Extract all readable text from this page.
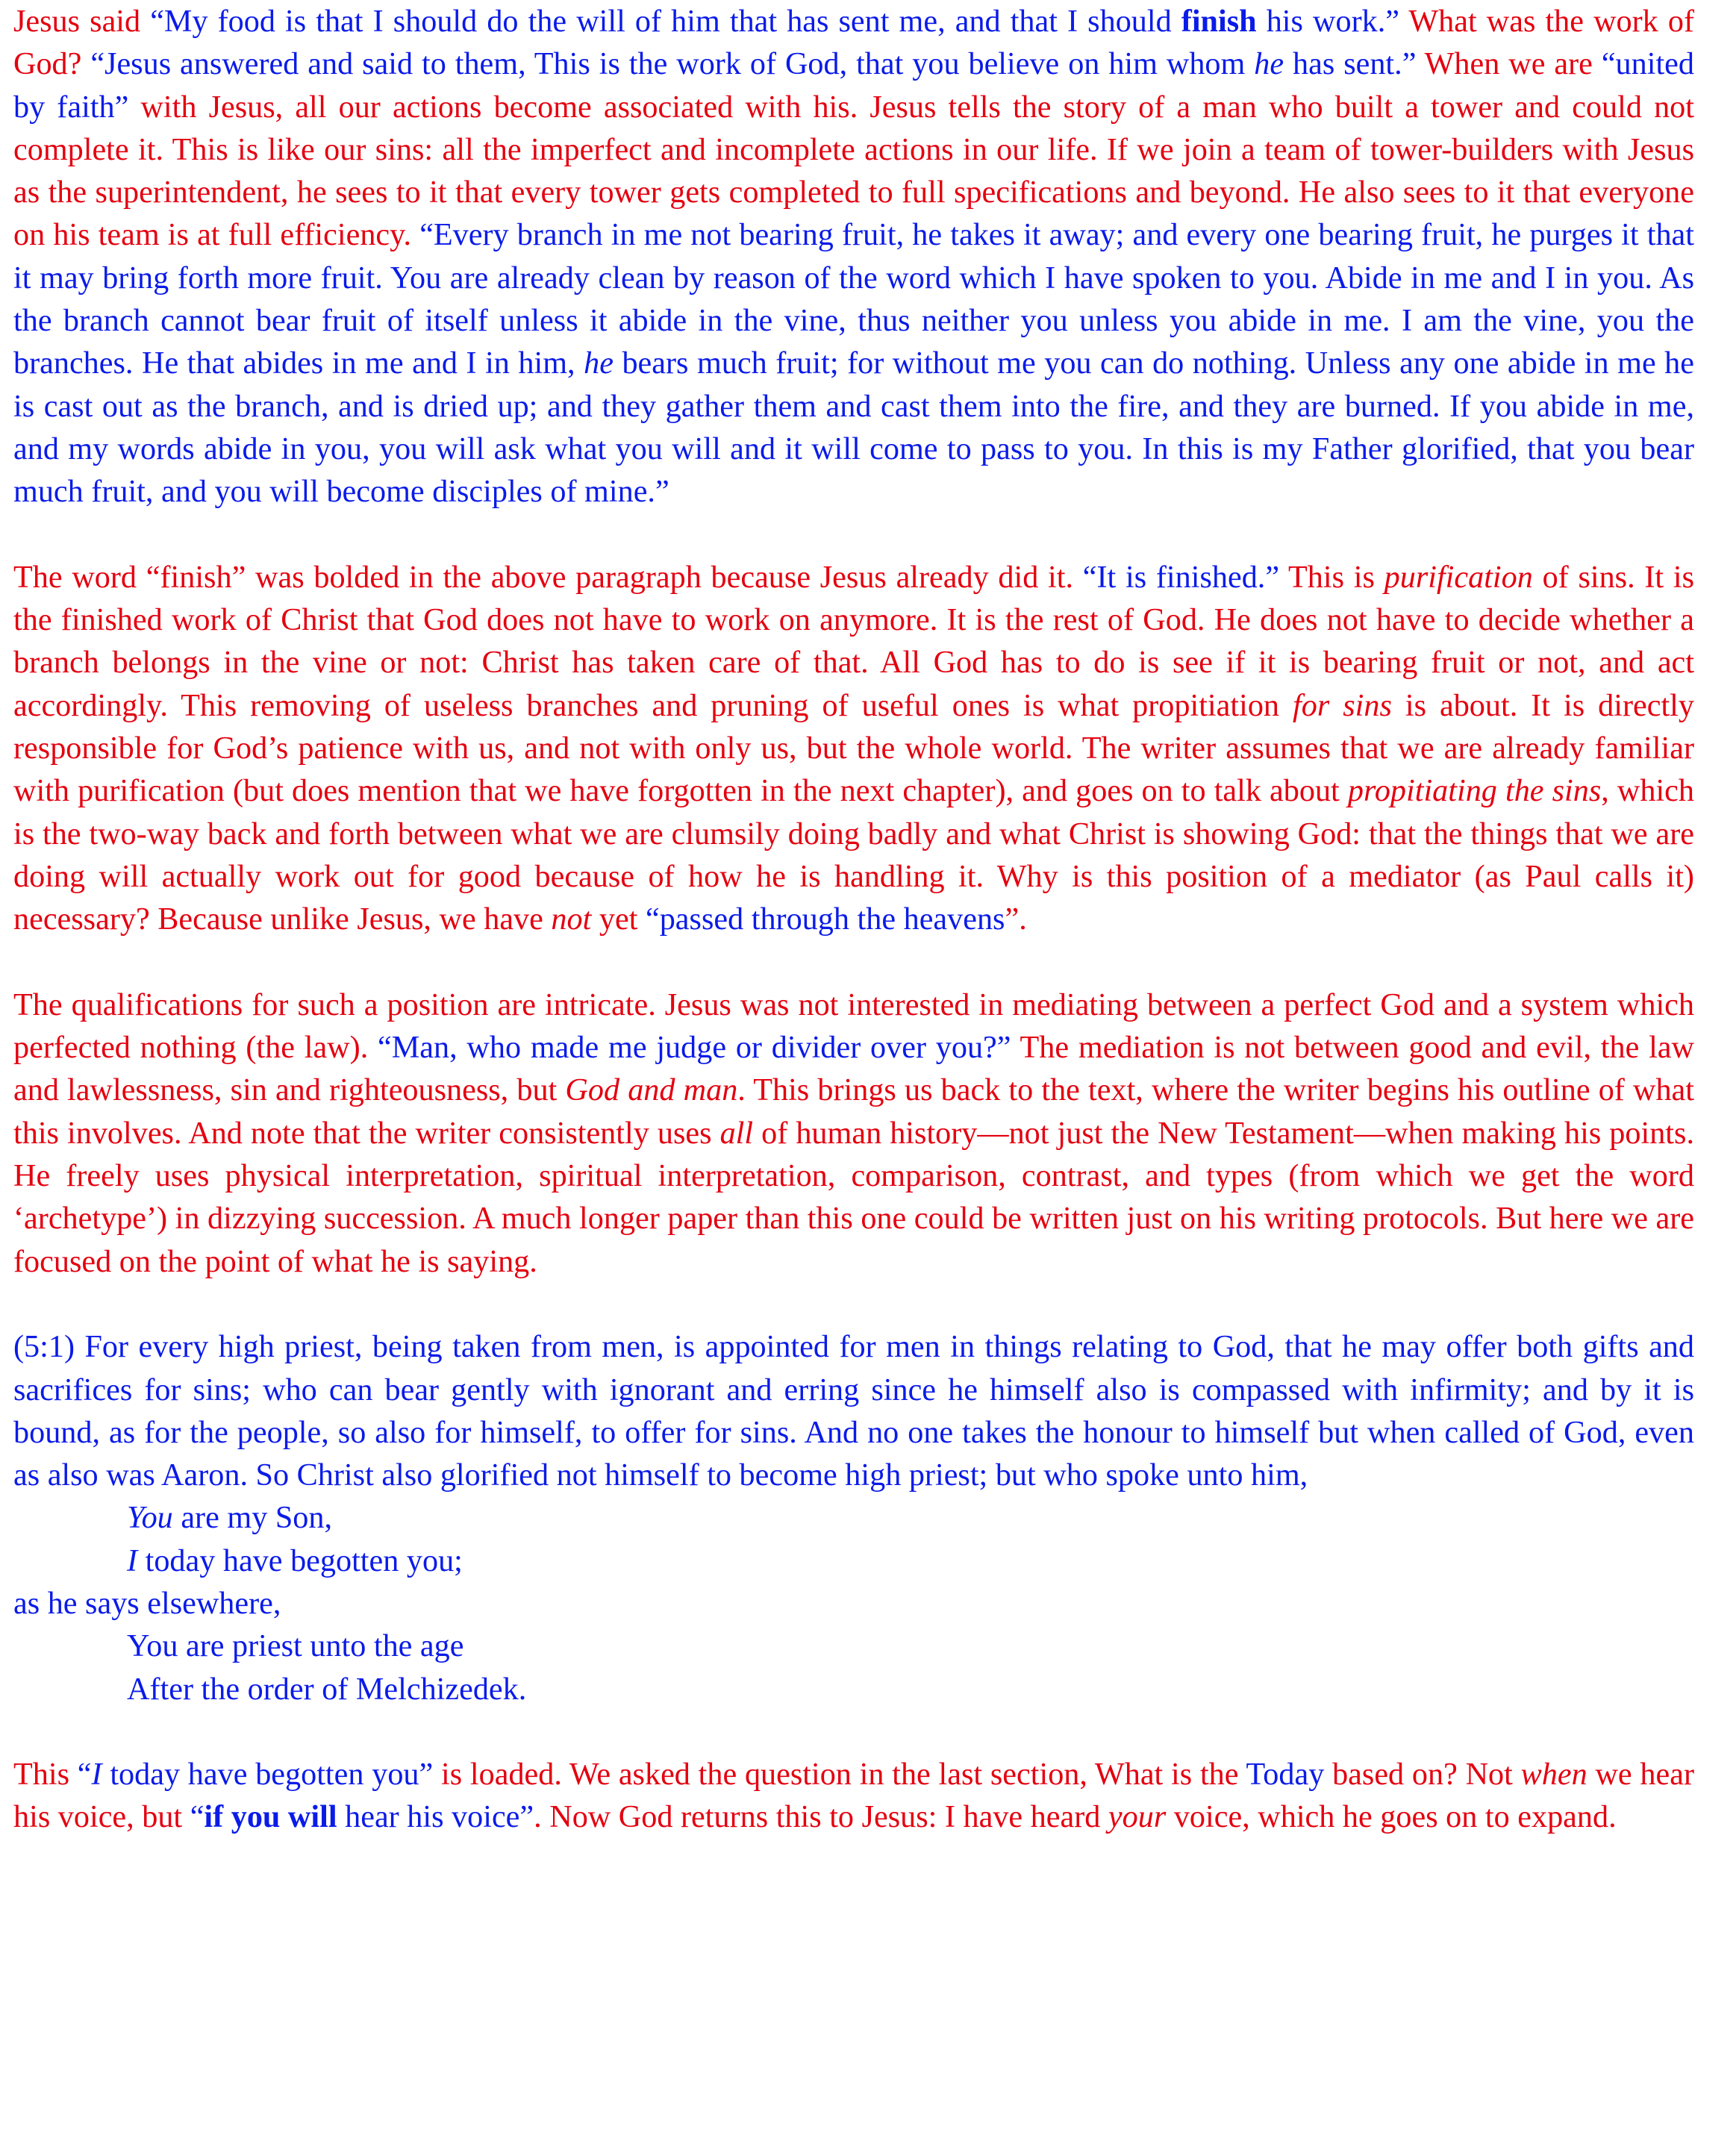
Jesus said “My food is that I should do the will of him that has sent me, and that I should finish his work.” What was the work of God? “Jesus answered and said to them, This is the work of God, that you believe on him whom he has sent.” When we are “united by faith” with Jesus, all our actions become associated with his. Jesus tells the story of a man who built a tower and could not complete it. This is like our sins: all the imperfect and incomplete actions in our life. If we join a team of tower-builders with Jesus as the superintendent, he sees to it that every tower gets completed to full specifications and beyond. He also sees to it that everyone on his team is at full efficiency. “Every branch in me not bearing fruit, he takes it away; and every one bearing fruit, he purges it that it may bring forth more fruit. You are already clean by reason of the word which I have spoken to you. Abide in me and I in you. As the branch cannot bear fruit of itself unless it abide in the vine, thus neither you unless you abide in me. I am the vine, you the branches. He that abides in me and I in him, he bears much fruit; for without me you can do nothing. Unless any one abide in me he is cast out as the branch, and is dried up; and they gather them and cast them into the fire, and they are burned. If you abide in me, and my words abide in you, you will ask what you will and it will come to pass to you. In this is my Father glorified, that you bear much fruit, and you will become disciples of mine.”

The word “finish” was bolded in the above paragraph because Jesus already did it. “It is finished.” This is purification of sins. It is the finished work of Christ that God does not have to work on anymore. It is the rest of God. He does not have to decide whether a branch belongs in the vine or not: Christ has taken care of that. All God has to do is see if it is bearing fruit or not, and act accordingly. This removing of useless branches and pruning of useful ones is what propitiation for sins is about. It is directly responsible for God’s patience with us, and not with only us, but the whole world. The writer assumes that we are already familiar with purification (but does mention that we have forgotten in the next chapter), and goes on to talk about propitiating the sins, which is the two-way back and forth between what we are clumsily doing badly and what Christ is showing God: that the things that we are doing will actually work out for good because of how he is handling it. Why is this position of a mediator (as Paul calls it) necessary? Because unlike Jesus, we have not yet “passed through the heavens”.

The qualifications for such a position are intricate. Jesus was not interested in mediating between a perfect God and a system which perfected nothing (the law). “Man, who made me judge or divider over you?” The mediation is not between good and evil, the law and lawlessness, sin and righteousness, but God and man. This brings us back to the text, where the writer begins his outline of what this involves. And note that the writer consistently uses all of human history—not just the New Testament—when making his points. He freely uses physical interpretation, spiritual interpretation, comparison, contrast, and types (from which we get the word ‘archetype’) in dizzying succession. A much longer paper than this one could be written just on his writing protocols. But here we are focused on the point of what he is saying.

(5:1) For every high priest, being taken from men, is appointed for men in things relating to God, that he may offer both gifts and sacrifices for sins; who can bear gently with ignorant and erring since he himself also is compassed with infirmity; and by it is bound, as for the people, so also for himself, to offer for sins. And no one takes the honour to himself but when called of God, even as also was Aaron. So Christ also glorified not himself to become high priest; but who spoke unto him,

You are my Son,
I today have begotten you;
as he says elsewhere,
You are priest unto the age
After the order of Melchizedek.

This “I today have begotten you” is loaded. We asked the question in the last section, What is the Today based on? Not when we hear his voice, but “if you will hear his voice”. Now God returns this to Jesus: I have heard your voice, which he goes on to expand.
